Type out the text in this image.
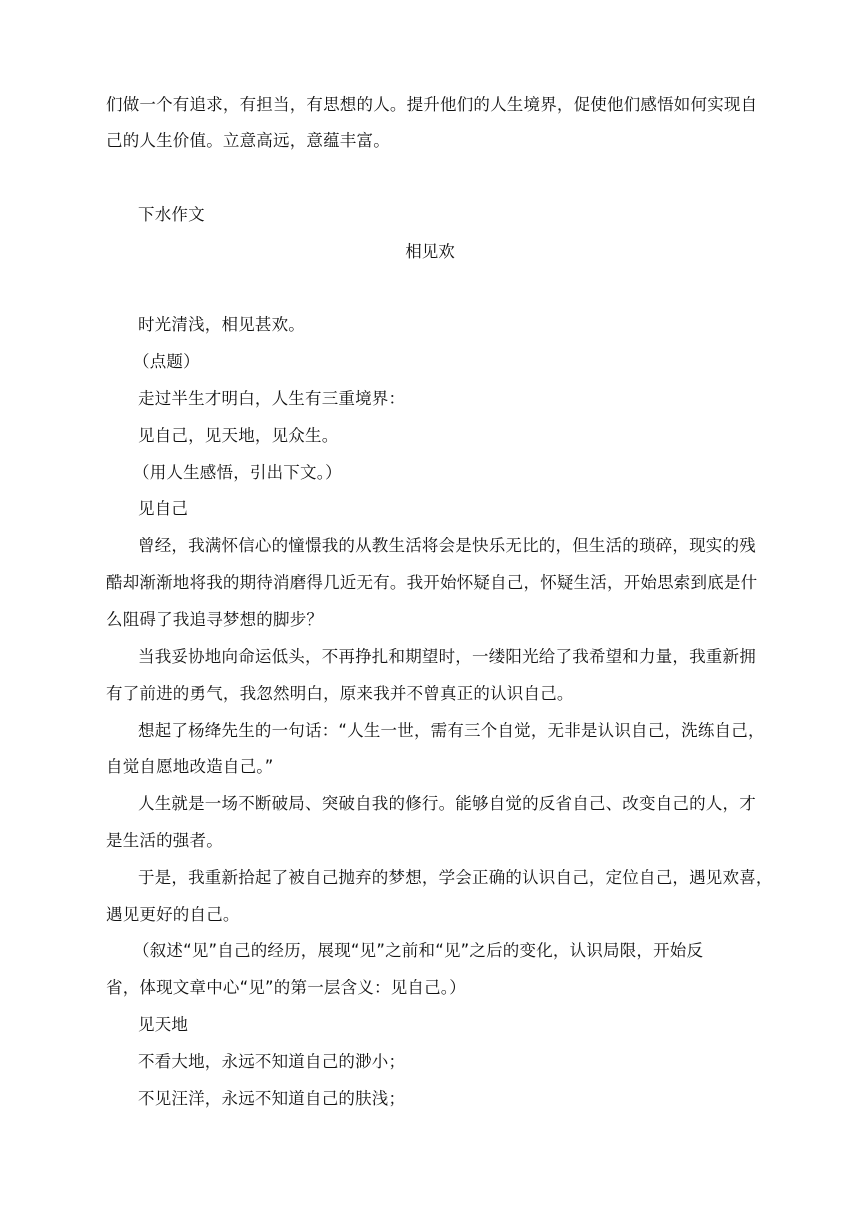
们做一个有追求，有担当，有思想的人。提升他们的人生境界，促使他们感悟如何实现自
己的人生价值。立意高远，意蕴丰富。
下水作文
相见欢
时光清浅，相见甚欢。
（点题）
走过半生才明白，人生有三重境界：
见自己，见天地，见众生。
（用人生感悟，引出下文。）
见自己
曾经，我满怀信心的憧憬我的从教生活将会是快乐无比的，但生活的琐碎，现实的残
酷却渐渐地将我的期待消磨得几近无有。我开始怀疑自己，怀疑生活，开始思索到底是什
么阻碍了我追寻梦想的脚步？
当我妥协地向命运低头，不再挣扎和期望时，一缕阳光给了我希望和力量，我重新拥
有了前进的勇气，我忽然明白，原来我并不曾真正的认识自己。
想起了杨绛先生的一句话：“人生一世，需有三个自觉，无非是认识自己，洗练自己，
自觉自愿地改造自己。”
人生就是一场不断破局、突破自我的修行。能够自觉的反省自己、改变自己的人，才
是生活的强者。
于是，我重新拾起了被自己抛弃的梦想，学会正确的认识自己，定位自己，遇见欢喜，
遇见更好的自己。
（叙述“见”自己的经历，展现“见”之前和“见”之后的变化，认识局限，开始反
省，体现文章中心“见”的第一层含义：见自己。）
见天地
不看大地，永远不知道自己的渺小；
不见汪洋，永远不知道自己的肤浅；
